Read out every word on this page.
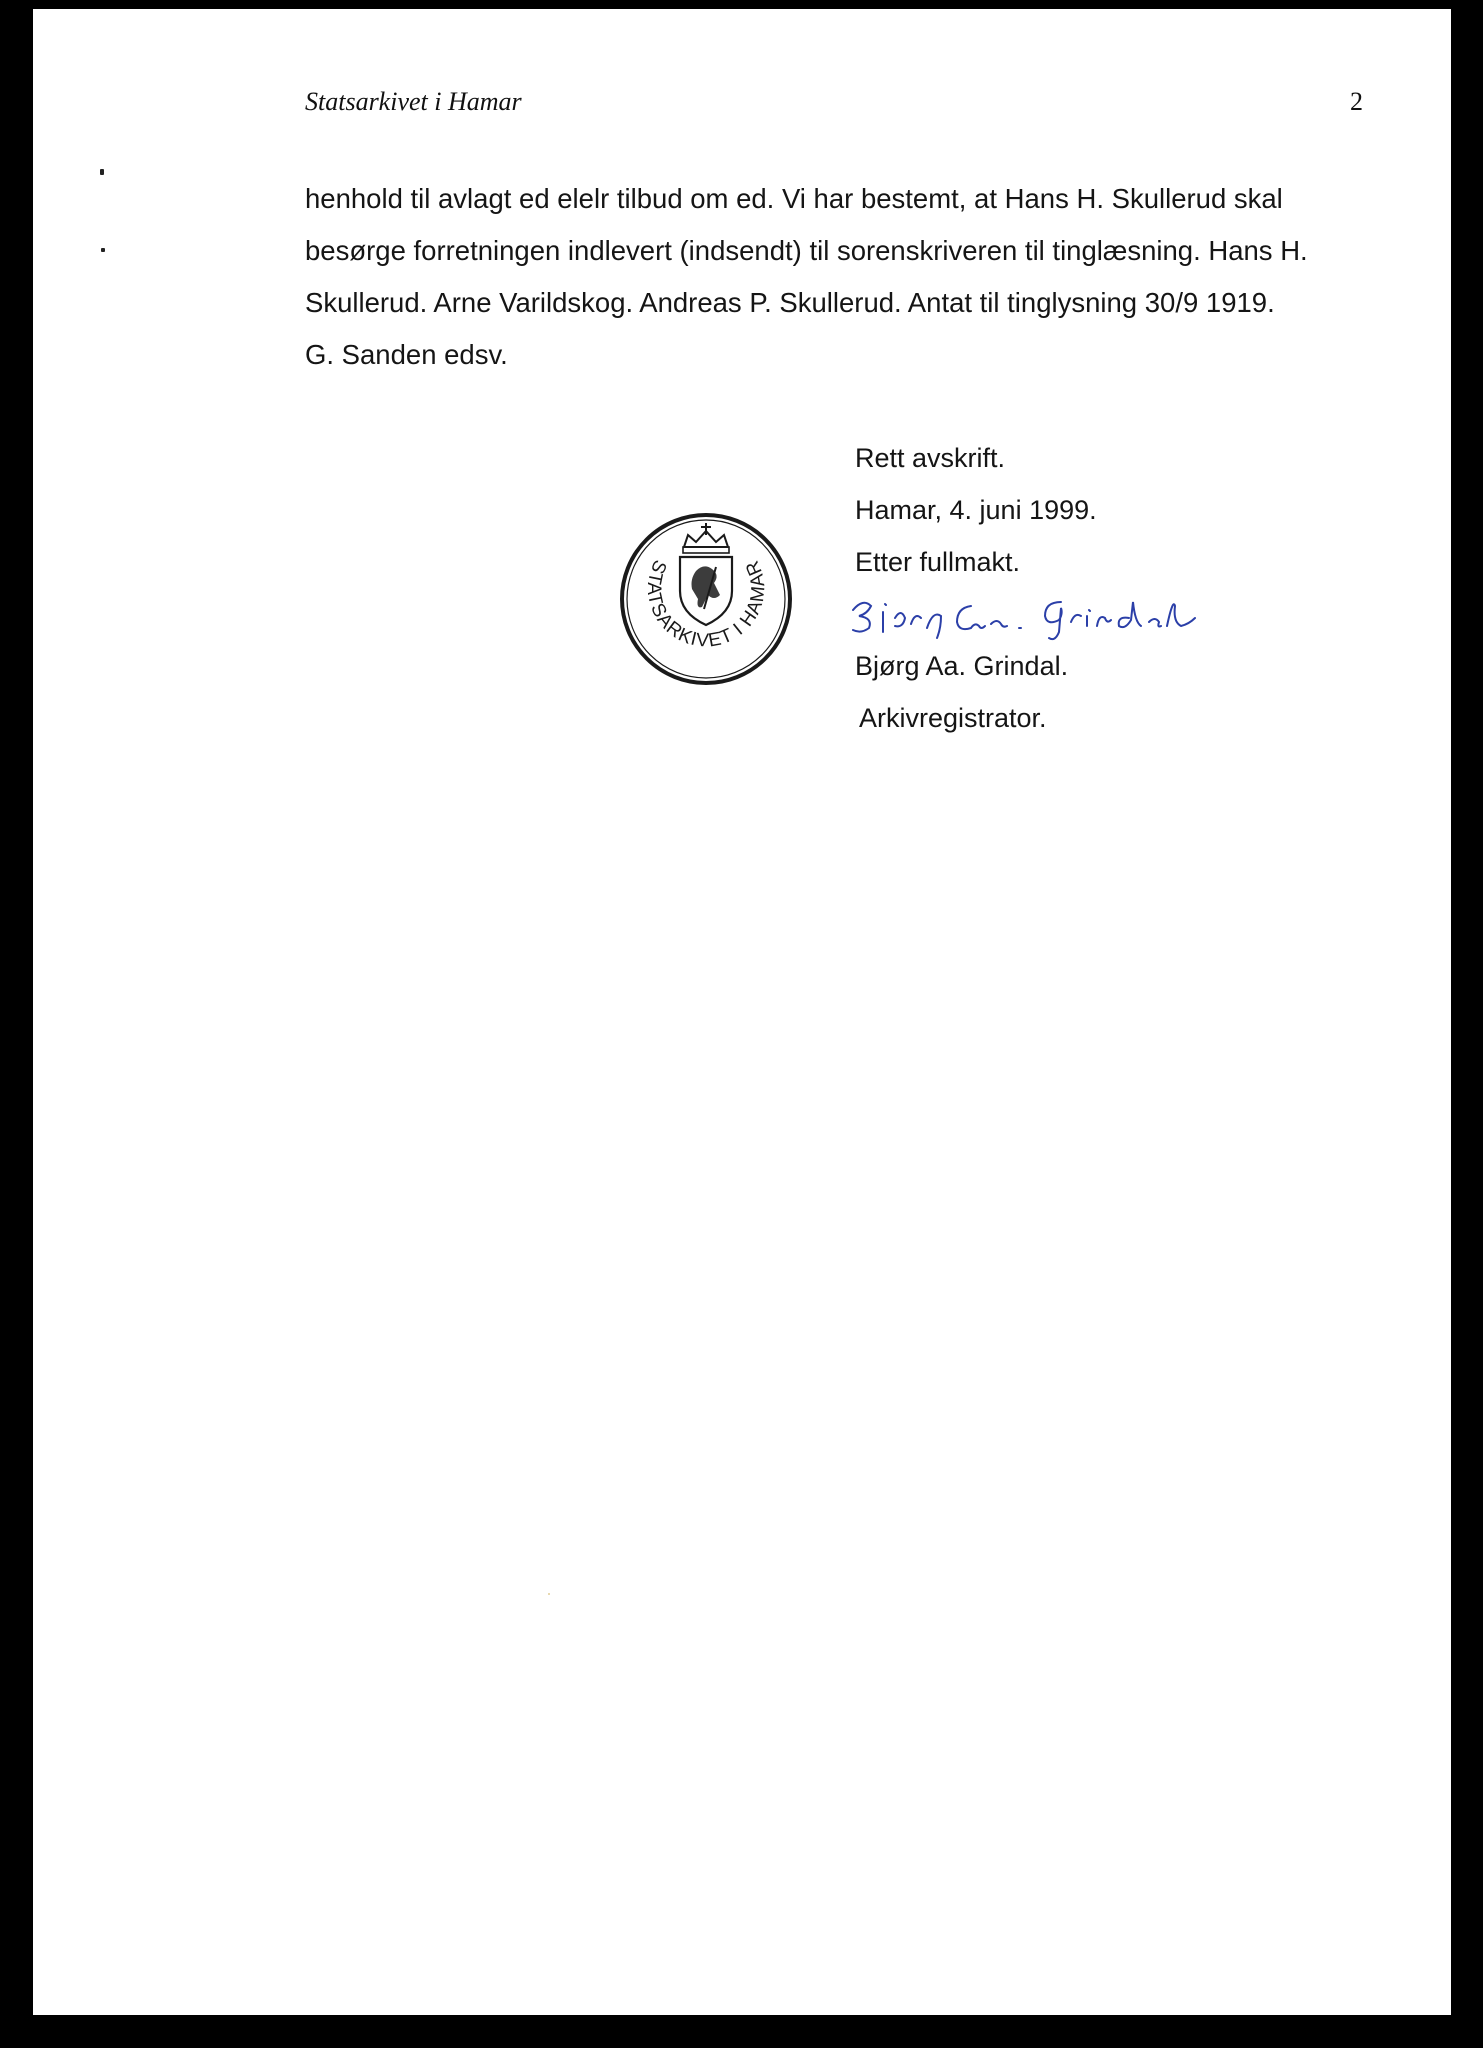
Statsarkivet i Hamar	2

henhold til avlagt ed elelr tilbud om ed. Vi har bestemt, at Hans H. Skullerud skal
besørge forretningen indlevert (indsendt) til sorenskriveren til tinglæsning. Hans H.
Skullerud. Arne Varildskog. Andreas P. Skullerud. Antat til tinglysning 30/9 1919.
G. Sanden edsv.

STATSARKIVET I HAMAR
Rett avskrift.
Hamar, 4. juni 1999.
Etter fullmakt.
Bjørg Aa. Grindal.
Arkivregistrator.
